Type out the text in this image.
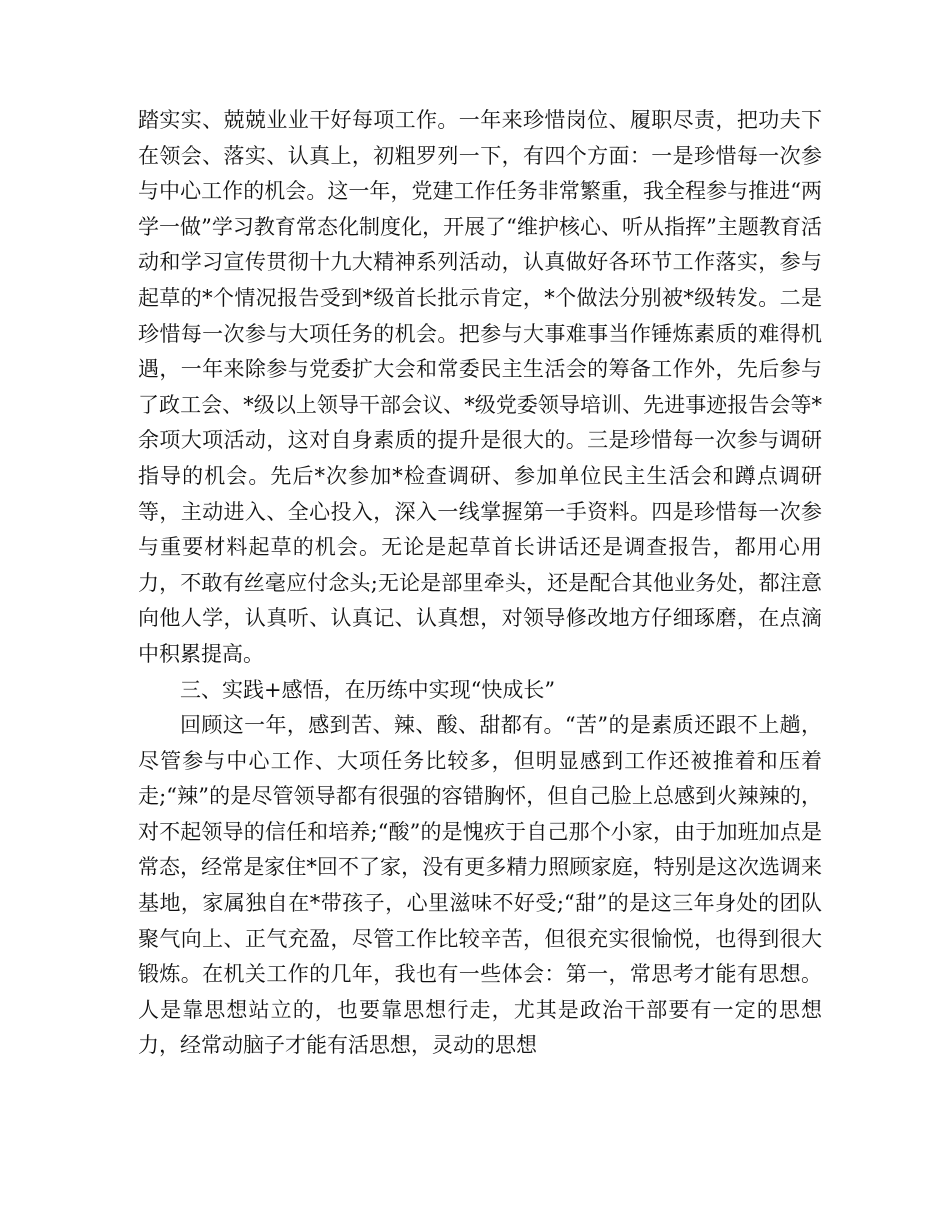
踏实实、兢兢业业干好每项工作。一年来珍惜岗位、履职尽责，把功夫下在领会、落实、认真上，初粗罗列一下，有四个方面：一是珍惜每一次参与中心工作的机会。这一年，党建工作任务非常繁重，我全程参与推进“两学一做”学习教育常态化制度化，开展了“维护核心、听从指挥”主题教育活动和学习宣传贯彻十九大精神系列活动，认真做好各环节工作落实，参与起草的*个情况报告受到*级首长批示肯定，*个做法分别被*级转发。二是珍惜每一次参与大项任务的机会。把参与大事难事当作锤炼素质的难得机遇，一年来除参与党委扩大会和常委民主生活会的筹备工作外，先后参与了政工会、*级以上领导干部会议、*级党委领导培训、先进事迹报告会等*余项大项活动，这对自身素质的提升是很大的。三是珍惜每一次参与调研指导的机会。先后*次参加*检查调研、参加单位民主生活会和蹲点调研等，主动进入、全心投入，深入一线掌握第一手资料。四是珍惜每一次参与重要材料起草的机会。无论是起草首长讲话还是调查报告，都用心用力，不敢有丝毫应付念头;无论是部里牵头，还是配合其他业务处，都注意向他人学，认真听、认真记、认真想，对领导修改地方仔细琢磨，在点滴中积累提高。

三、实践+感悟，在历练中实现“快成长”

回顾这一年，感到苦、辣、酸、甜都有。“苦”的是素质还跟不上趟，尽管参与中心工作、大项任务比较多，但明显感到工作还被推着和压着走;“辣”的是尽管领导都有很强的容错胸怀，但自己脸上总感到火辣辣的，对不起领导的信任和培养;“酸”的是愧疚于自己那个小家，由于加班加点是常态，经常是家住*回不了家，没有更多精力照顾家庭，特别是这次选调来基地，家属独自在*带孩子，心里滋味不好受;“甜”的是这三年身处的团队聚气向上、正气充盈，尽管工作比较辛苦，但很充实很愉悦，也得到很大锻炼。在机关工作的几年，我也有一些体会：第一，常思考才能有思想。人是靠思想站立的，也要靠思想行走，尤其是政治干部要有一定的思想力，经常动脑子才能有活思想，灵动的思想
